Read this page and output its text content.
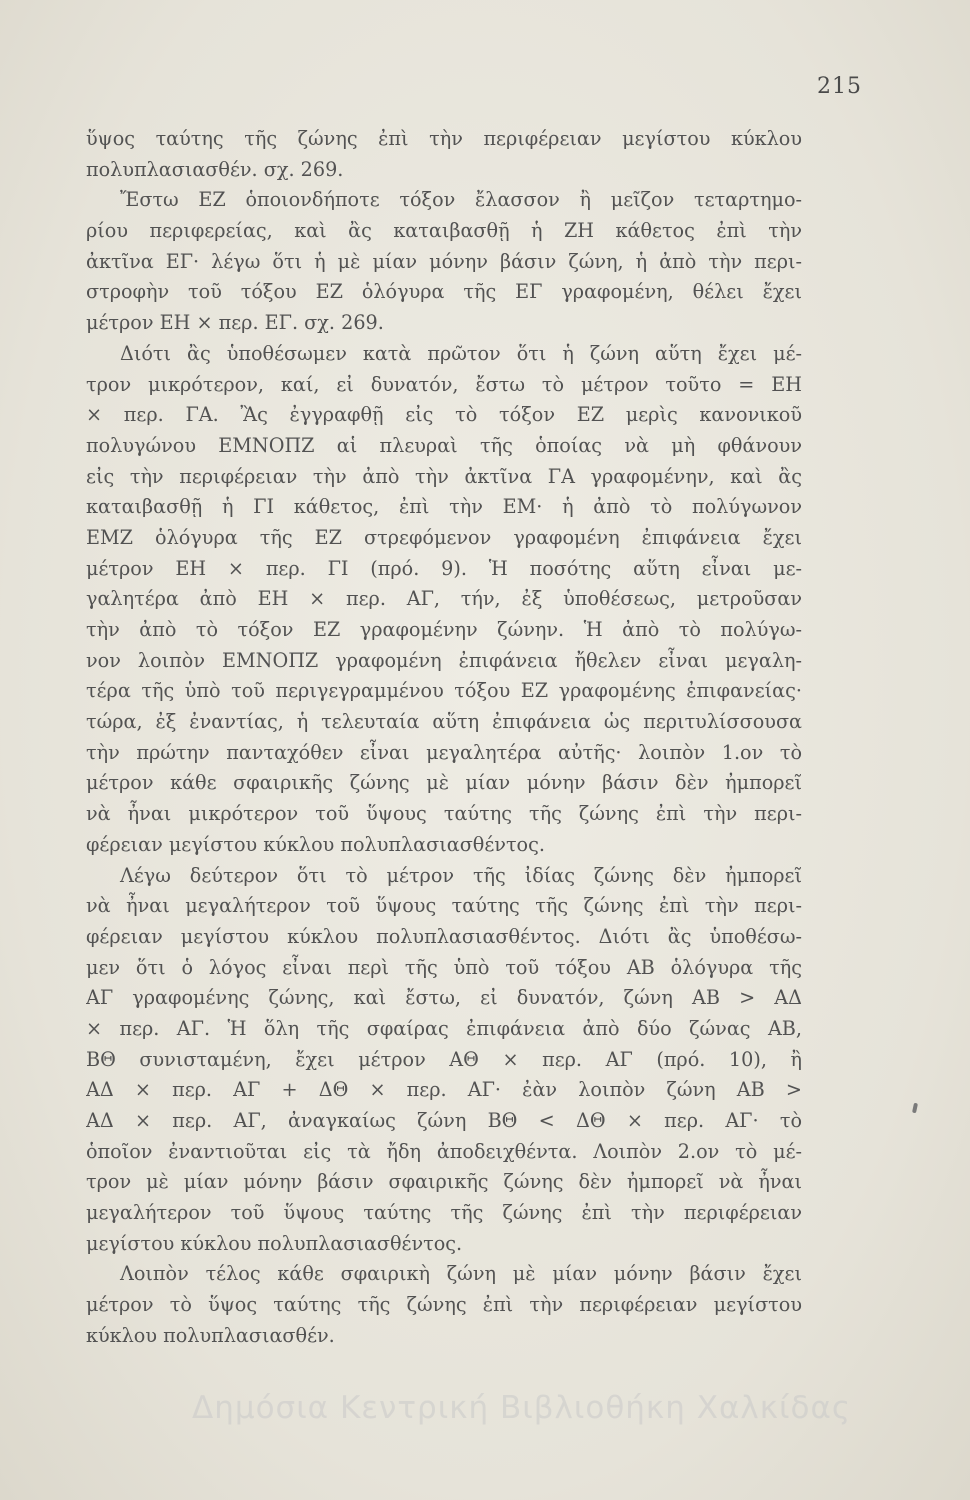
215
ὕψος ταύτης τῆς ζώνης ἐπὶ τὴν περιφέρειαν μεγίστου κύκλου
πολυπλασιασθέν. σχ. 269.
Ἔστω ΕΖ ὁποιονδήποτε τόξον ἔλασσον ἢ μεῖζον τεταρτημο-
ρίου περιφερείας, καὶ ἂς καταιβασθῇ ἡ ΖΗ κάθετος ἐπὶ τὴν
ἀκτῖνα ΕΓ· λέγω ὅτι ἡ μὲ μίαν μόνην βάσιν ζώνη, ἡ ἀπὸ τὴν περι-
στροφὴν τοῦ τόξου ΕΖ ὁλόγυρα τῆς ΕΓ γραφομένη, θέλει ἔχει
μέτρον ΕΗ × περ. ΕΓ. σχ. 269.
Διότι ἂς ὑποθέσωμεν κατὰ πρῶτον ὅτι ἡ ζώνη αὕτη ἔχει μέ-
τρον μικρότερον, καί, εἰ δυνατόν, ἔστω τὸ μέτρον τοῦτο = ΕΗ
× περ. ΓΑ. Ἂς ἐγγραφθῇ εἰς τὸ τόξον ΕΖ μερὶς κανονικοῦ
πολυγώνου ΕΜΝΟΠΖ αἱ πλευραὶ τῆς ὁποίας νὰ μὴ φθάνουν
εἰς τὴν περιφέρειαν τὴν ἀπὸ τὴν ἀκτῖνα ΓΑ γραφομένην, καὶ ἂς
καταιβασθῇ ἡ ΓΙ κάθετος, ἐπὶ τὴν ΕΜ· ἡ ἀπὸ τὸ πολύγωνον
ΕΜΖ ὁλόγυρα τῆς ΕΖ στρεφόμενον γραφομένη ἐπιφάνεια ἔχει
μέτρον ΕΗ × περ. ΓΙ (πρό. 9). Ἡ ποσότης αὕτη εἶναι με-
γαλητέρα ἀπὸ ΕΗ × περ. ΑΓ, τήν, ἐξ ὑποθέσεως, μετροῦσαν
τὴν ἀπὸ τὸ τόξον ΕΖ γραφομένην ζώνην. Ἡ ἀπὸ τὸ πολύγω-
νον λοιπὸν ΕΜΝΟΠΖ γραφομένη ἐπιφάνεια ἤθελεν εἶναι μεγαλη-
τέρα τῆς ὑπὸ τοῦ περιγεγραμμένου τόξου ΕΖ γραφομένης ἐπιφανείας·
τώρα, ἐξ ἐναντίας, ἡ τελευταία αὕτη ἐπιφάνεια ὡς περιτυλίσσουσα
τὴν πρώτην πανταχόθεν εἶναι μεγαλητέρα αὐτῆς· λοιπὸν 1.ον τὸ
μέτρον κάθε σφαιρικῆς ζώνης μὲ μίαν μόνην βάσιν δὲν ἠμπορεῖ
νὰ ἦναι μικρότερον τοῦ ὕψους ταύτης τῆς ζώνης ἐπὶ τὴν περι-
φέρειαν μεγίστου κύκλου πολυπλασιασθέντος.
Λέγω δεύτερον ὅτι τὸ μέτρον τῆς ἰδίας ζώνης δὲν ἠμπορεῖ
νὰ ἦναι μεγαλήτερον τοῦ ὕψους ταύτης τῆς ζώνης ἐπὶ τὴν περι-
φέρειαν μεγίστου κύκλου πολυπλασιασθέντος. Διότι ἂς ὑποθέσω-
μεν ὅτι ὁ λόγος εἶναι περὶ τῆς ὑπὸ τοῦ τόξου ΑΒ ὁλόγυρα τῆς
ΑΓ γραφομένης ζώνης, καὶ ἔστω, εἰ δυνατόν, ζώνη ΑΒ > ΑΔ
× περ. ΑΓ. Ἡ ὅλη τῆς σφαίρας ἐπιφάνεια ἀπὸ δύο ζώνας ΑΒ,
ΒΘ συνισταμένη, ἔχει μέτρον ΑΘ × περ. ΑΓ (πρό. 10), ἢ
ΑΔ × περ. ΑΓ + ΔΘ × περ. ΑΓ· ἐὰν λοιπὸν ζώνη ΑΒ >
ΑΔ × περ. ΑΓ, ἀναγκαίως ζώνη ΒΘ < ΔΘ × περ. ΑΓ· τὸ
ὁποῖον ἐναντιοῦται εἰς τὰ ἤδη ἀποδειχθέντα. Λοιπὸν 2.ον τὸ μέ-
τρον μὲ μίαν μόνην βάσιν σφαιρικῆς ζώνης δὲν ἠμπορεῖ νὰ ἦναι
μεγαλήτερον τοῦ ὕψους ταύτης τῆς ζώνης ἐπὶ τὴν περιφέρειαν
μεγίστου κύκλου πολυπλασιασθέντος.
Λοιπὸν τέλος κάθε σφαιρικὴ ζώνη μὲ μίαν μόνην βάσιν ἔχει
μέτρον τὸ ὕψος ταύτης τῆς ζώνης ἐπὶ τὴν περιφέρειαν μεγίστου
κύκλου πολυπλασιασθέν.
Δημόσια Κεντρική Βιβλιοθήκη Χαλκίδας
